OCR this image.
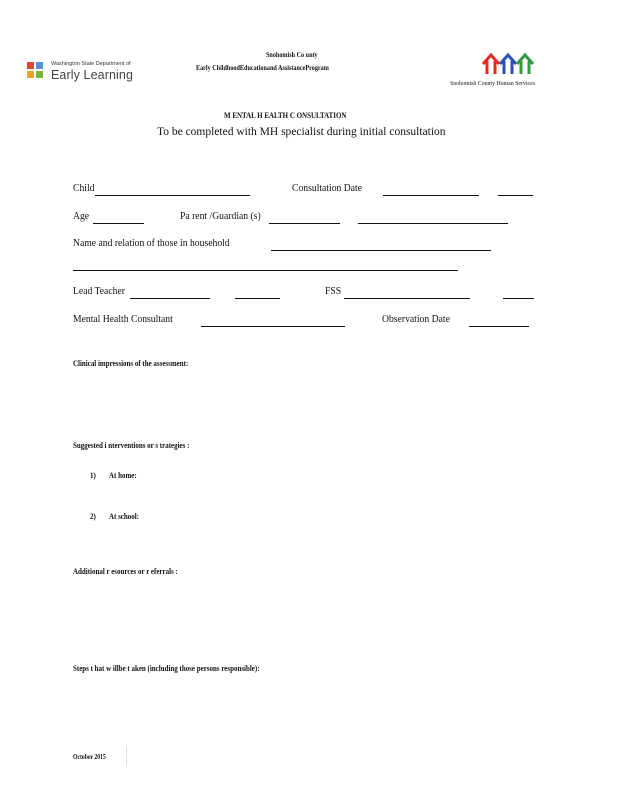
Washington State Department of
Early Learning
Snohomish Co unty
Early ChildhoodEducationand AssistanceProgram
Snohomish County Human Services
M ENTAL H EALTH C ONSULTATION
To be completed with MH specialist during initial consultation
Child	Consultation Date
Age	Pa rent /Guardian (s)
Name and relation of those in household
Lead Teacher	FSS
Mental Health Consultant	Observation Date
Clinical impressions of the assessment:
Suggested i nterventions or s trategies :
1) At home:
2) At school:
Additional r esources or r eferrals :
Steps t hat w illbe t aken (including those persons responsible):
October 2015
